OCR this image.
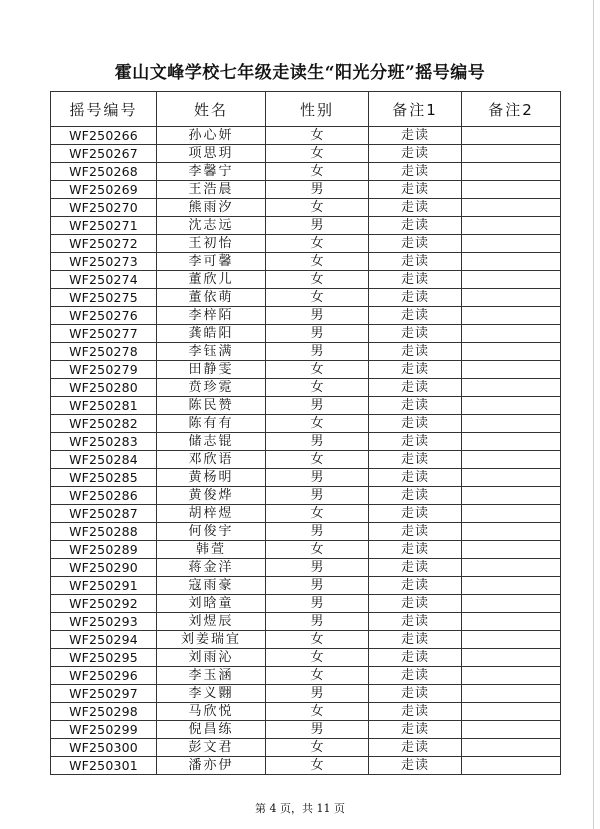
霍山文峰学校七年级走读生“阳光分班”摇号编号
摇号编号	姓名	性别	备注1	备注2
WF250266	孙心妍	女	走读	
WF250267	项思玥	女	走读	
WF250268	李馨宁	女	走读	
WF250269	王浩晨	男	走读	
WF250270	熊雨汐	女	走读	
WF250271	沈志远	男	走读	
WF250272	王初怡	女	走读	
WF250273	李可馨	女	走读	
WF250274	董欣儿	女	走读	
WF250275	董依萌	女	走读	
WF250276	李梓陌	男	走读	
WF250277	龚皓阳	男	走读	
WF250278	李钰满	男	走读	
WF250279	田静雯	女	走读	
WF250280	贲珍霓	女	走读	
WF250281	陈民赞	男	走读	
WF250282	陈有有	女	走读	
WF250283	储志锟	男	走读	
WF250284	邓欣语	女	走读	
WF250285	黄杨明	男	走读	
WF250286	黄俊烨	男	走读	
WF250287	胡梓煜	女	走读	
WF250288	何俊宇	男	走读	
WF250289	韩萱	女	走读	
WF250290	蒋金洋	男	走读	
WF250291	寇雨豪	男	走读	
WF250292	刘晗童	男	走读	
WF250293	刘煜辰	男	走读	
WF250294	刘姜瑞宜	女	走读	
WF250295	刘雨沁	女	走读	
WF250296	李玉涵	女	走读	
WF250297	李义翾	男	走读	
WF250298	马欣悦	女	走读	
WF250299	倪昌练	男	走读	
WF250300	彭文君	女	走读	
WF250301	潘亦伊	女	走读	
第 4 页，共 11 页
